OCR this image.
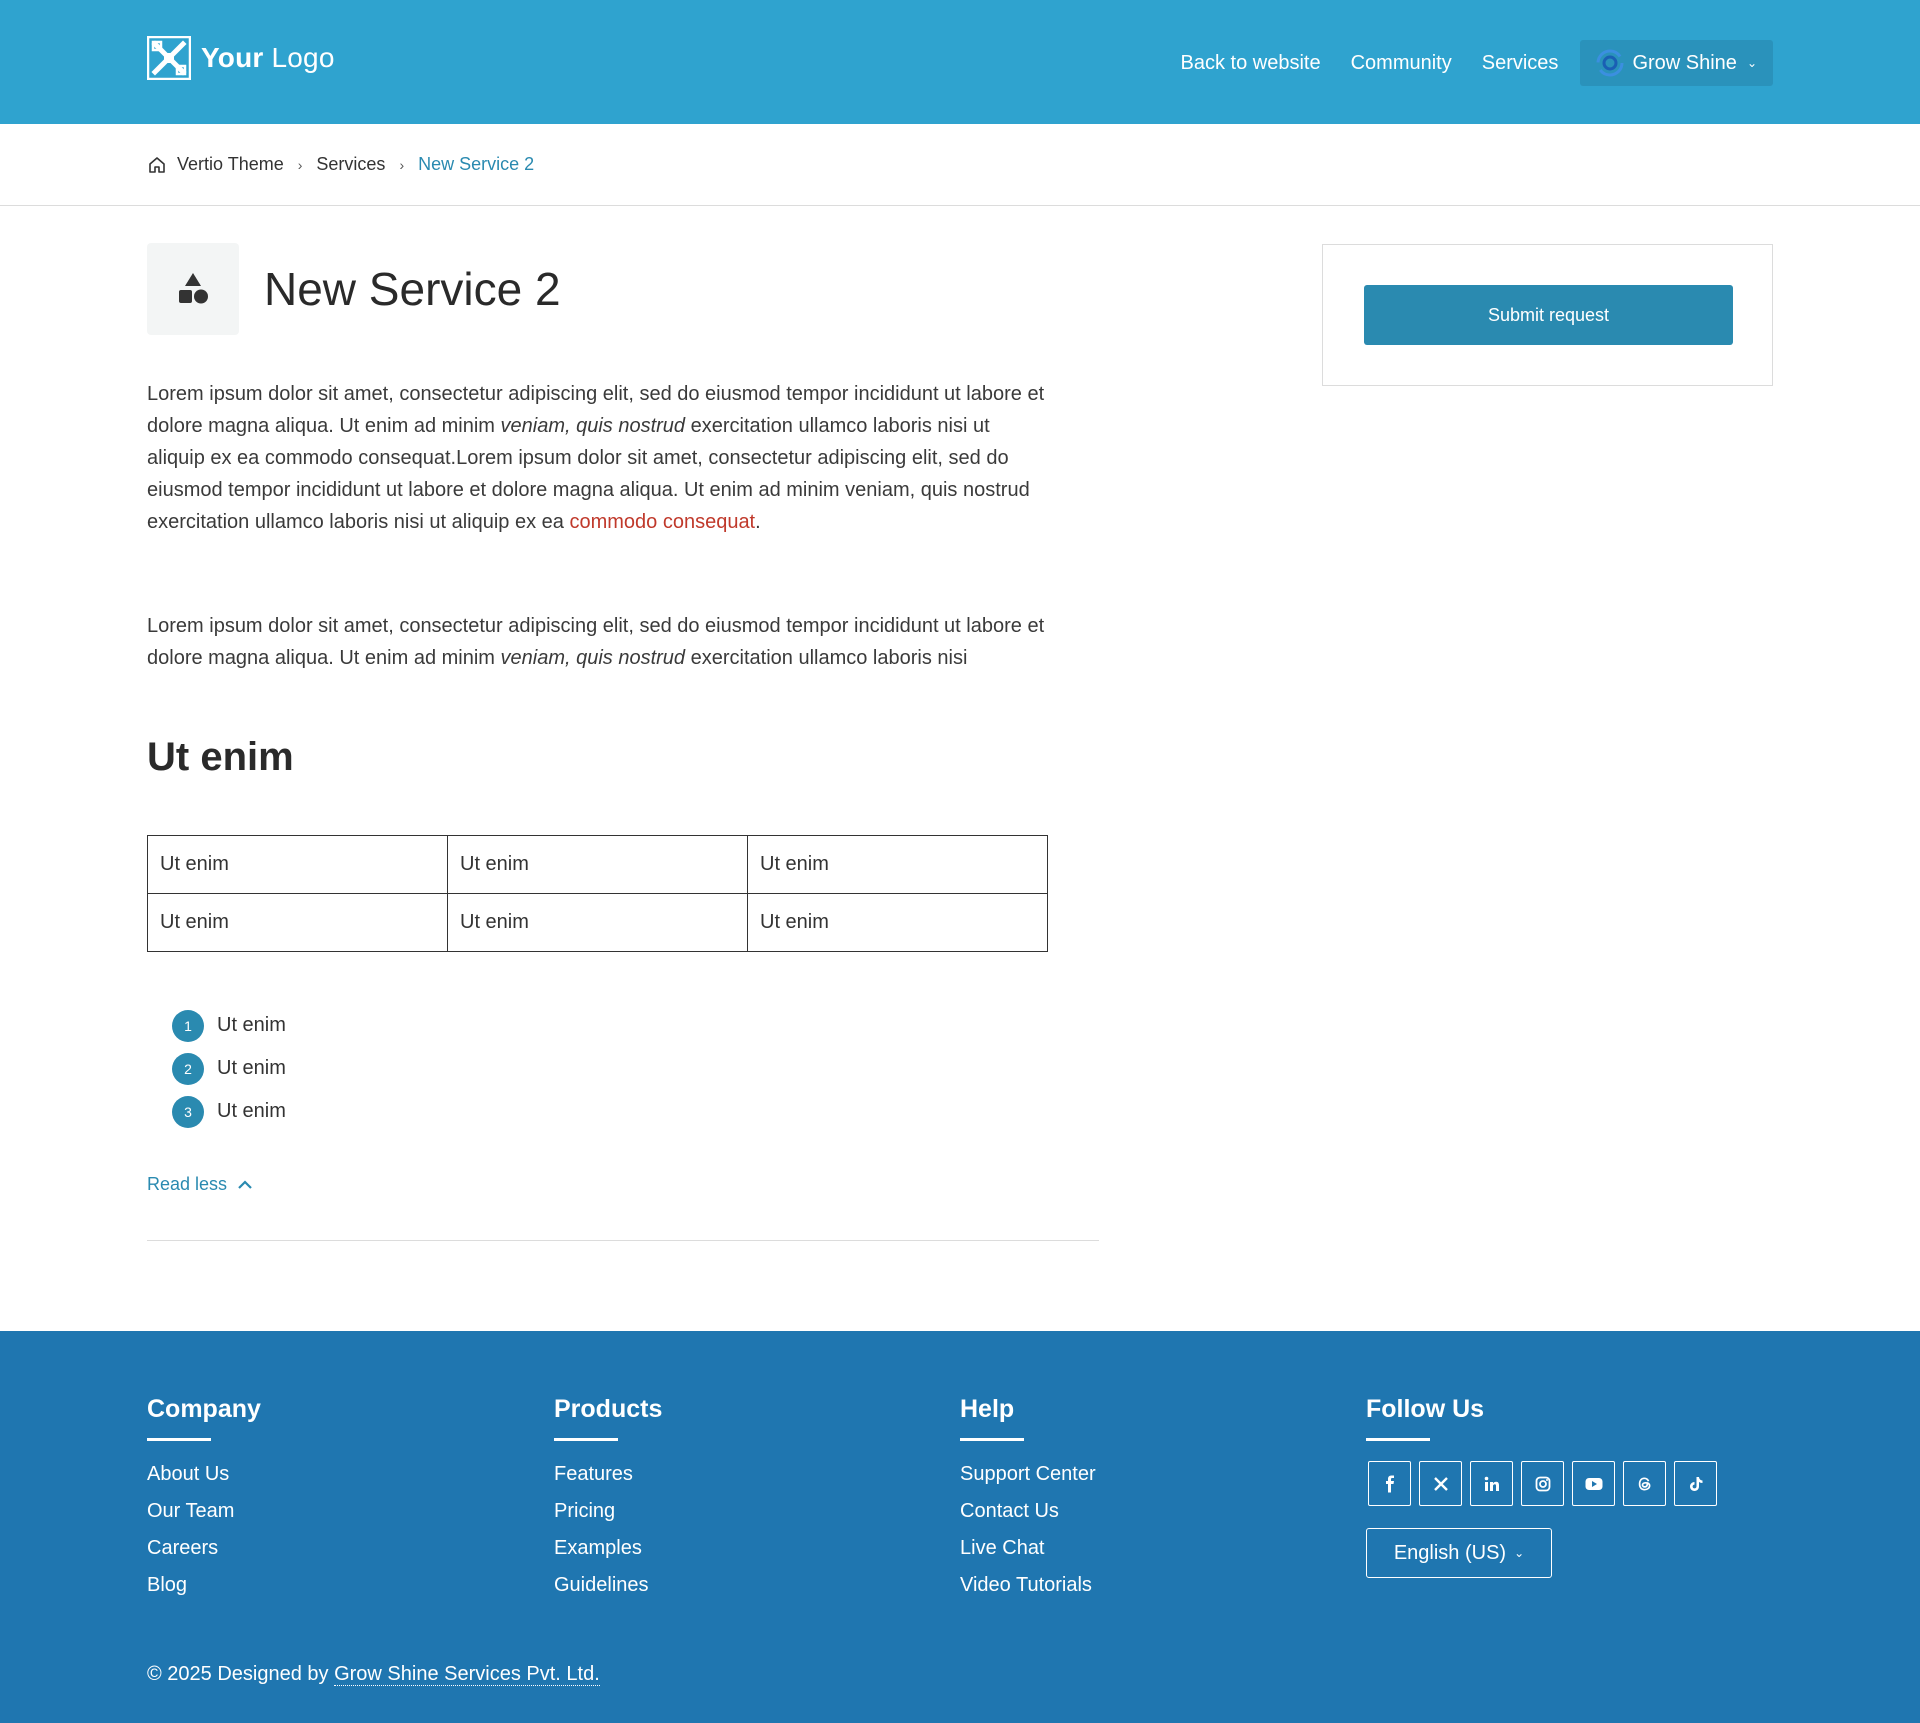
Your Logo	Back to website Community Services	Grow Shine ⌄
Vertio Theme › Services › New Service 2
New Service 2

Lorem ipsum dolor sit amet, consectetur adipiscing elit, sed do eiusmod tempor incididunt ut labore et dolore magna aliqua. Ut enim ad minim veniam, quis nostrud exercitation ullamco laboris nisi ut aliquip ex ea commodo consequat.Lorem ipsum dolor sit amet, consectetur adipiscing elit, sed do eiusmod tempor incididunt ut labore et dolore magna aliqua. Ut enim ad minim veniam, quis nostrud exercitation ullamco laboris nisi ut aliquip ex ea commodo consequat.

Lorem ipsum dolor sit amet, consectetur adipiscing elit, sed do eiusmod tempor incididunt ut labore et dolore magna aliqua. Ut enim ad minim veniam, quis nostrud exercitation ullamco laboris nisi

Ut enim
Ut enim	Ut enim	Ut enim
Ut enim	Ut enim	Ut enim
1	Ut enim
2	Ut enim
3	Ut enim
Read less
Submit request
Company
About Us
Our Team
Careers
Blog
Products
Features
Pricing
Examples
Guidelines
Help
Support Center
Contact Us
Live Chat
Video Tutorials
Follow Us
English (US) ⌄
© 2025 Designed by Grow Shine Services Pvt. Ltd.
